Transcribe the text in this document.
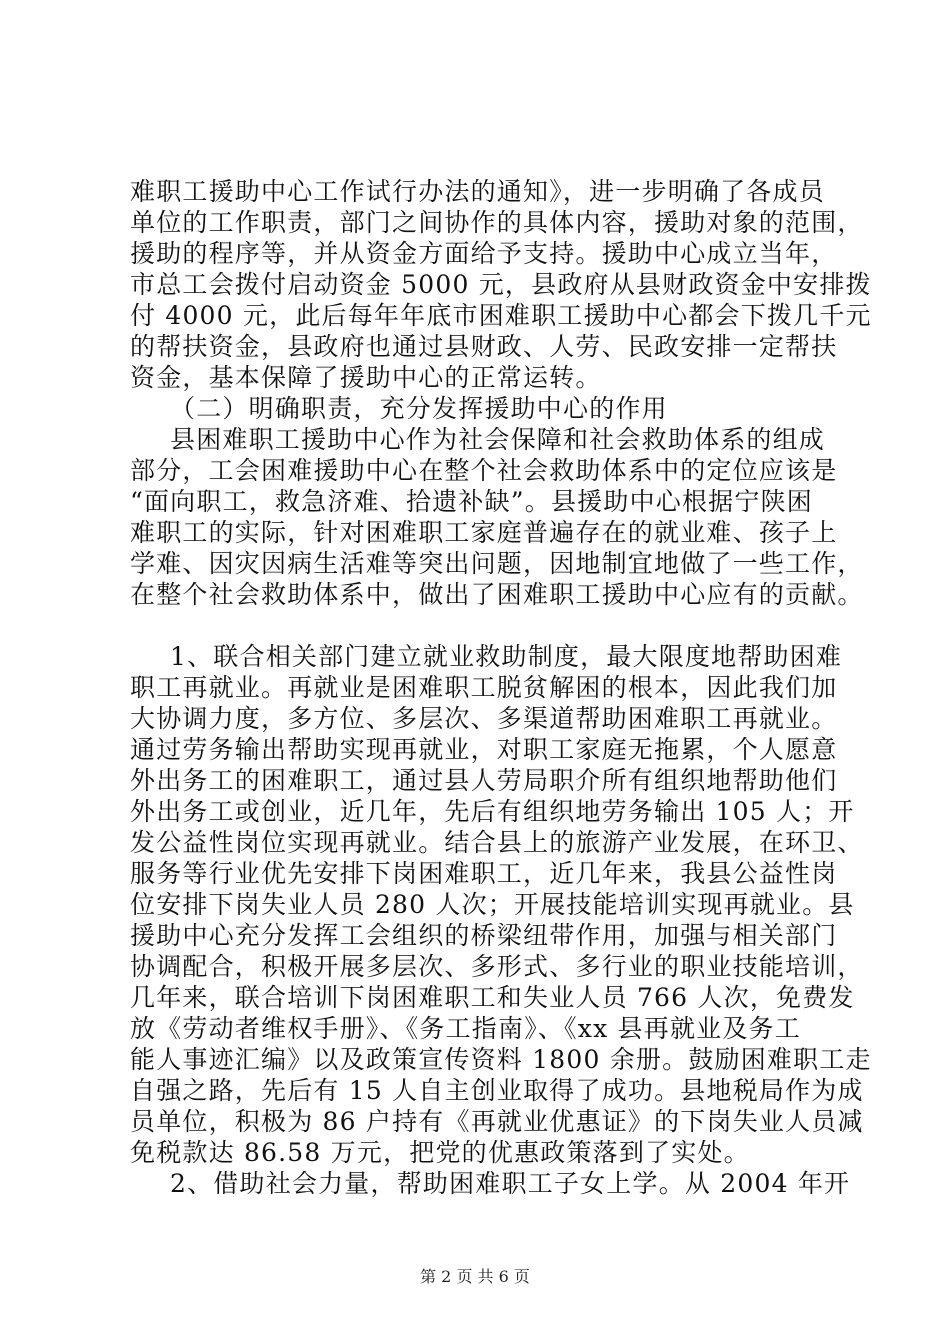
难职工援助中心工作试行办法的通知》，进一步明确了各成员
单位的工作职责，部门之间协作的具体内容，援助对象的范围，
援助的程序等，并从资金方面给予支持。援助中心成立当年，
市总工会拨付启动资金 5000 元，县政府从县财政资金中安排拨
付 4000 元，此后每年年底市困难职工援助中心都会下拨几千元
的帮扶资金，县政府也通过县财政、人劳、民政安排一定帮扶
资金，基本保障了援助中心的正常运转。
（二）明确职责，充分发挥援助中心的作用
县困难职工援助中心作为社会保障和社会救助体系的组成
部分，工会困难援助中心在整个社会救助体系中的定位应该是
“面向职工，救急济难、拾遗补缺”。县援助中心根据宁陕困
难职工的实际，针对困难职工家庭普遍存在的就业难、孩子上
学难、因灾因病生活难等突出问题，因地制宜地做了一些工作，
在整个社会救助体系中，做出了困难职工援助中心应有的贡献。
1、联合相关部门建立就业救助制度，最大限度地帮助困难
职工再就业。再就业是困难职工脱贫解困的根本，因此我们加
大协调力度，多方位、多层次、多渠道帮助困难职工再就业。
通过劳务输出帮助实现再就业，对职工家庭无拖累，个人愿意
外出务工的困难职工，通过县人劳局职介所有组织地帮助他们
外出务工或创业，近几年，先后有组织地劳务输出 105 人；开
发公益性岗位实现再就业。结合县上的旅游产业发展，在环卫、
服务等行业优先安排下岗困难职工，近几年来，我县公益性岗
位安排下岗失业人员 280 人次；开展技能培训实现再就业。县
援助中心充分发挥工会组织的桥梁纽带作用，加强与相关部门
协调配合，积极开展多层次、多形式、多行业的职业技能培训，
几年来，联合培训下岗困难职工和失业人员 766 人次，免费发
放《劳动者维权手册》、《务工指南》、《xx 县再就业及务工
能人事迹汇编》以及政策宣传资料 1800 余册。鼓励困难职工走
自强之路，先后有 15 人自主创业取得了成功。县地税局作为成
员单位，积极为 86 户持有《再就业优惠证》的下岗失业人员减
免税款达 86.58 万元，把党的优惠政策落到了实处。
2、借助社会力量，帮助困难职工子女上学。从 2004 年开
第 2 页 共 6 页
